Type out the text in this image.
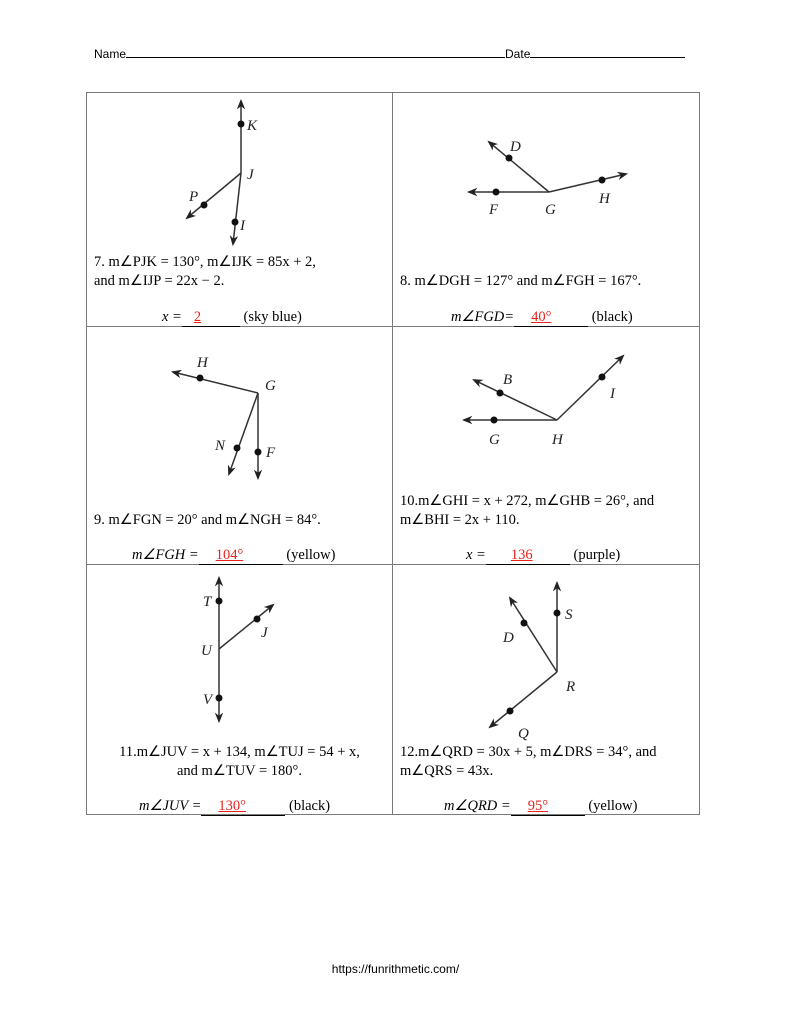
Name	Date
K
J
P
I
7. m∠PJK = 130°, m∠IJK = 85x + 2,
and m∠IJP = 22x − 2.
x = 2	(sky blue)
D
F	G
H
8. m∠DGH = 127° and m∠FGH = 167°.
m∠FGD= 40°	(black)
H
G
N	F
9. m∠FGN = 20° and m∠NGH = 84°.
m∠FGH = 104°	(yellow)
B
I
G	H
10.m∠GHI = x + 272, m∠GHB = 26°, and
m∠BHI = 2x + 110.
x = 136	(purple)
T
J
U
V
11.m∠JUV = x + 134, m∠TUJ = 54 + x,
and m∠TUV = 180°.
m∠JUV = 130°	(black)
S
D
R
Q
12.m∠QRD = 30x + 5, m∠DRS = 34°, and
m∠QRS = 43x.
m∠QRD = 95°	(yellow)
https://funrithmetic.com/
